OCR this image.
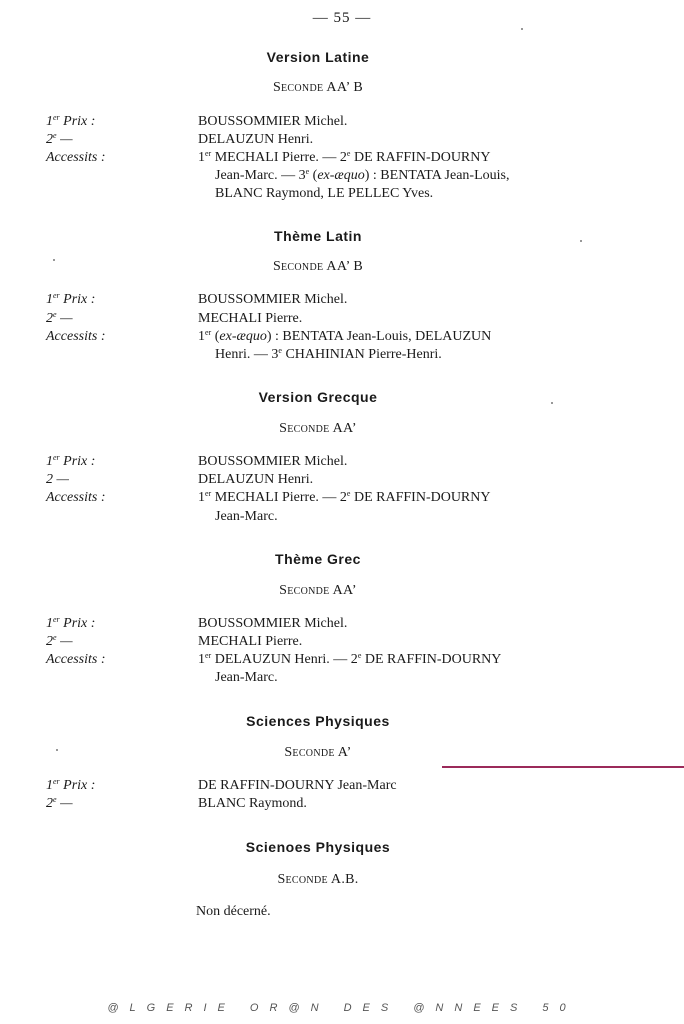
— 55 —
Version Latine
Seconde AA’ B
1er Prix :	BOUSSOMMIER Michel.
2e —	DELAUZUN Henri.
Accessits :	1er MECHALI Pierre. — 2e DE RAFFIN-DOURNY
Jean-Marc. — 3e (ex-æquo) : BENTATA Jean-Louis,
BLANC Raymond, LE PELLEC Yves.
Thème Latin
Seconde AA’ B
1er Prix :	BOUSSOMMIER Michel.
2e —	MECHALI Pierre.
Accessits :	1er (ex-æquo) : BENTATA Jean-Louis, DELAUZUN
Henri. — 3e CHAHINIAN Pierre-Henri.
Version Grecque
Seconde AA’
1er Prix :	BOUSSOMMIER Michel.
2 —	DELAUZUN Henri.
Accessits :	1er MECHALI Pierre. — 2e DE RAFFIN-DOURNY
Jean-Marc.
Thème Grec
Seconde AA’
1er Prix :	BOUSSOMMIER Michel.
2e —	MECHALI Pierre.
Accessits :	1er DELAUZUN Henri. — 2e DE RAFFIN-DOURNY
Jean-Marc.
Sciences Physiques
Seconde A’
1er Prix :	DE RAFFIN-DOURNY Jean-Marc
2e —	BLANC Raymond.
Scienoes Physiques
Seconde A.B.
Non décerné.
@LGERIE OR@N DES @NNEES 50
